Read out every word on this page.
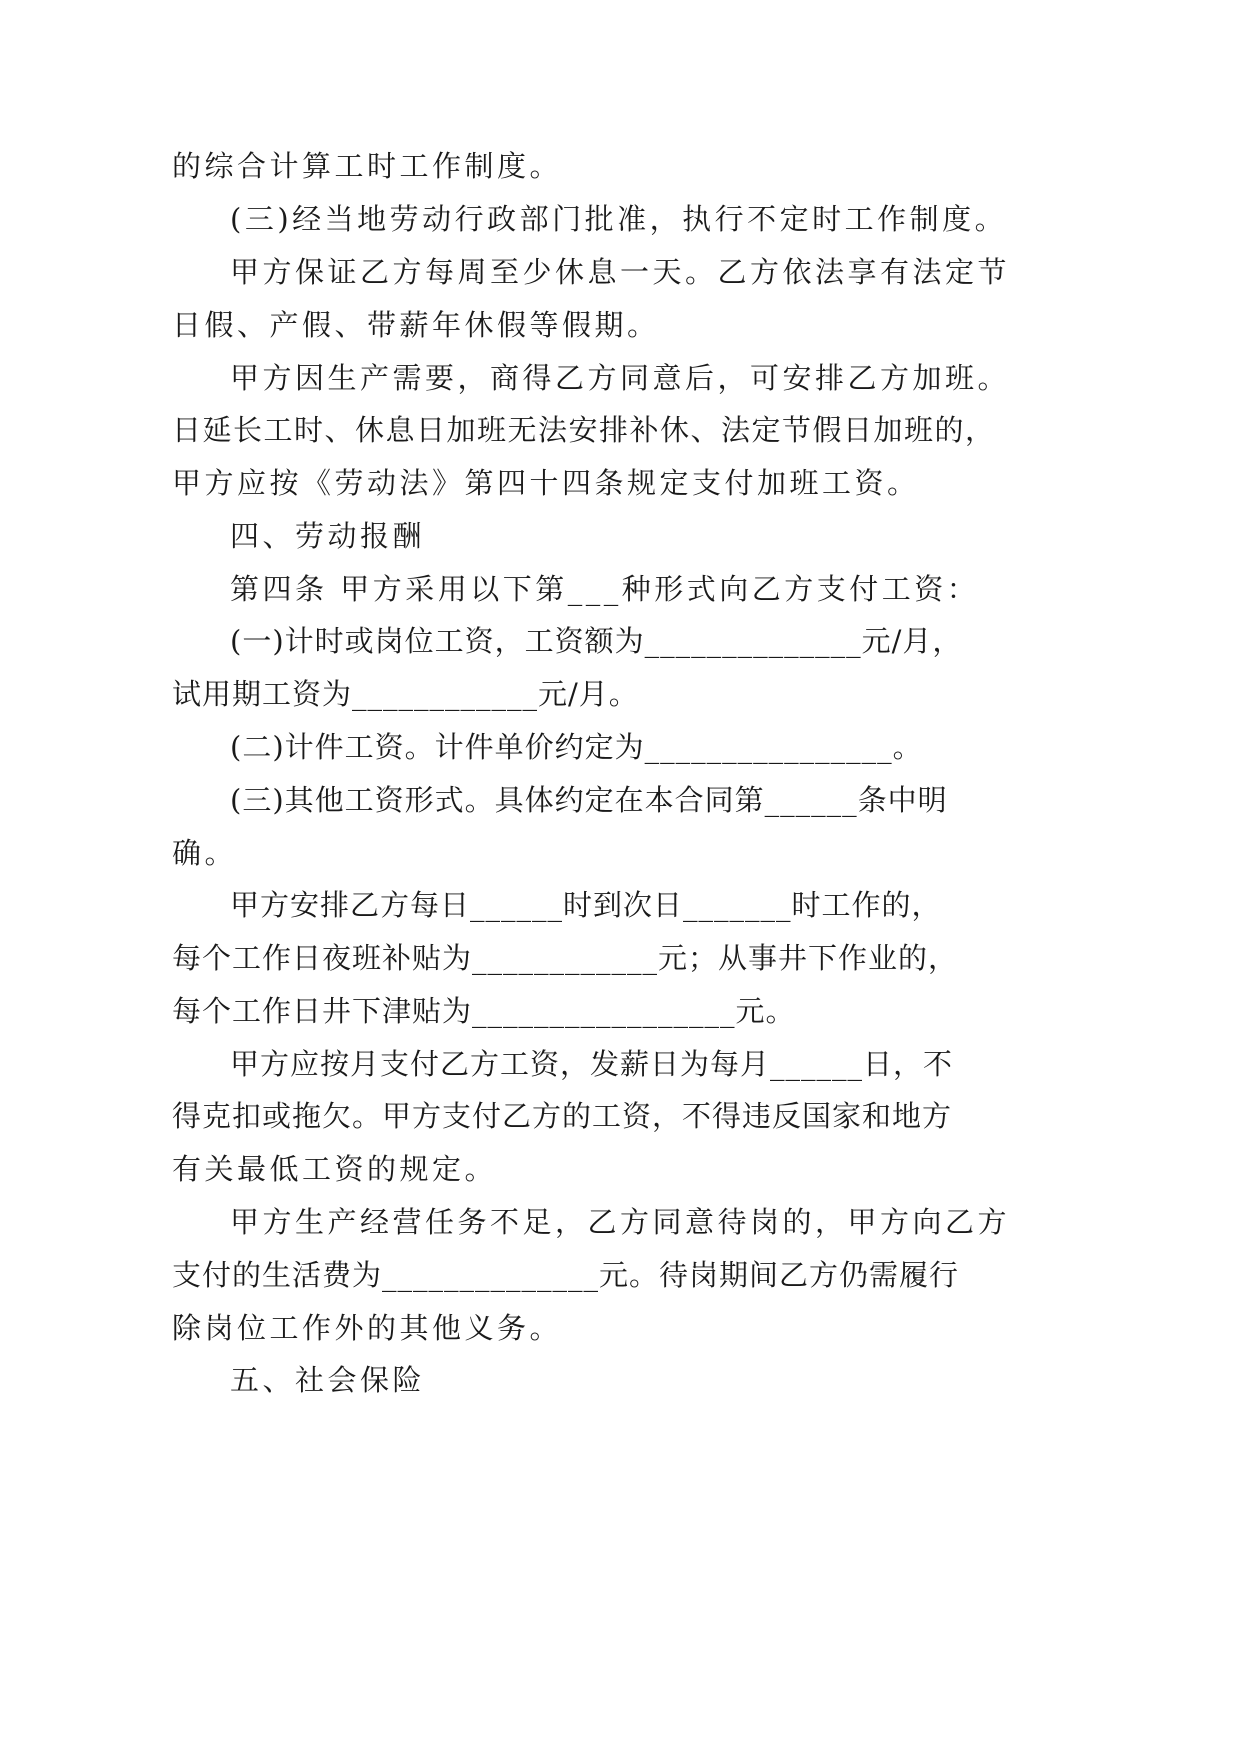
的综合计算工时工作制度。
(三)经当地劳动行政部门批准，执行不定时工作制度。
甲方保证乙方每周至少休息一天。乙方依法享有法定节
日假、产假、带薪年休假等假期。
甲方因生产需要，商得乙方同意后，可安排乙方加班。
日延长工时、休息日加班无法安排补休、法定节假日加班的，
甲方应按《劳动法》第四十四条规定支付加班工资。
四、劳动报酬
第四条 甲方采用以下第___种形式向乙方支付工资：
(一)计时或岗位工资，工资额为______________元/月，
试用期工资为____________元/月。
(二)计件工资。计件单价约定为________________。
(三)其他工资形式。具体约定在本合同第______条中明
确。
甲方安排乙方每日______时到次日_______时工作的，
每个工作日夜班补贴为____________元；从事井下作业的，
每个工作日井下津贴为_________________元。
甲方应按月支付乙方工资，发薪日为每月______日，不
得克扣或拖欠。甲方支付乙方的工资，不得违反国家和地方
有关最低工资的规定。
甲方生产经营任务不足，乙方同意待岗的，甲方向乙方
支付的生活费为______________元。待岗期间乙方仍需履行
除岗位工作外的其他义务。
五、社会保险
